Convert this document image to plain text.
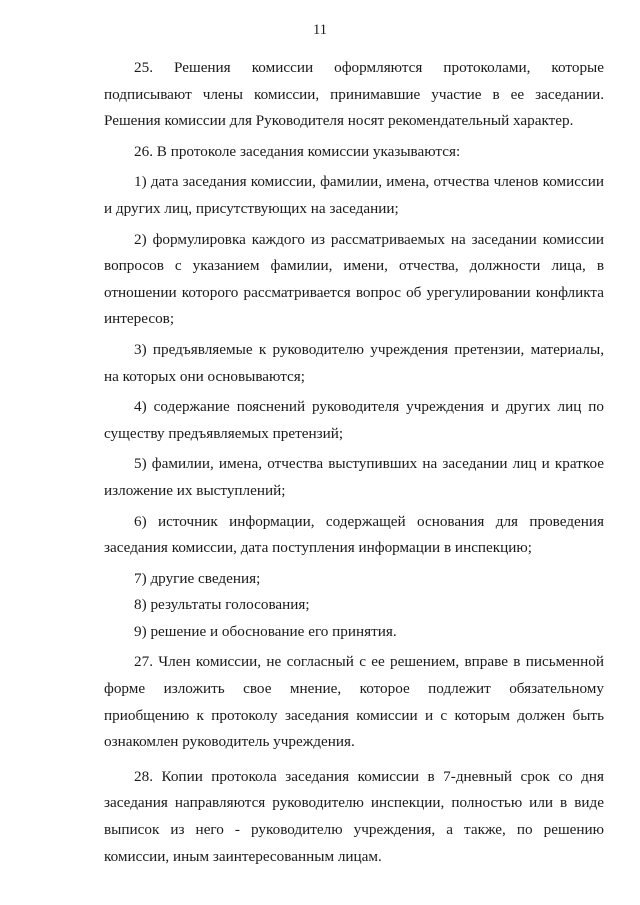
11

25. Решения комиссии оформляются протоколами, которые подписывают члены комиссии, принимавшие участие в ее заседании. Решения комиссии для Руководителя носят рекомендательный характер.

26. В протоколе заседания комиссии указываются:

1) дата заседания комиссии, фамилии, имена, отчества членов комиссии и других лиц, присутствующих на заседании;

2) формулировка каждого из рассматриваемых на заседании комиссии вопросов с указанием фамилии, имени, отчества, должности лица, в отношении которого рассматривается вопрос об урегулировании конфликта интересов;

3) предъявляемые к руководителю учреждения претензии, материалы, на которых они основываются;

4) содержание пояснений руководителя учреждения и других лиц по существу предъявляемых претензий;

5) фамилии, имена, отчества выступивших на заседании лиц и краткое изложение их выступлений;

6) источник информации, содержащей основания для проведения заседания комиссии, дата поступления информации в инспекцию;

7) другие сведения;

8) результаты голосования;

9) решение и обоснование его принятия.

27. Член комиссии, не согласный с ее решением, вправе в письменной форме изложить свое мнение, которое подлежит обязательному приобщению к протоколу заседания комиссии и с которым должен быть ознакомлен руководитель учреждения.

28. Копии протокола заседания комиссии в 7-дневный срок со дня заседания направляются руководителю инспекции, полностью или в виде выписок из него - руководителю учреждения, а также, по решению комиссии, иным заинтересованным лицам.
